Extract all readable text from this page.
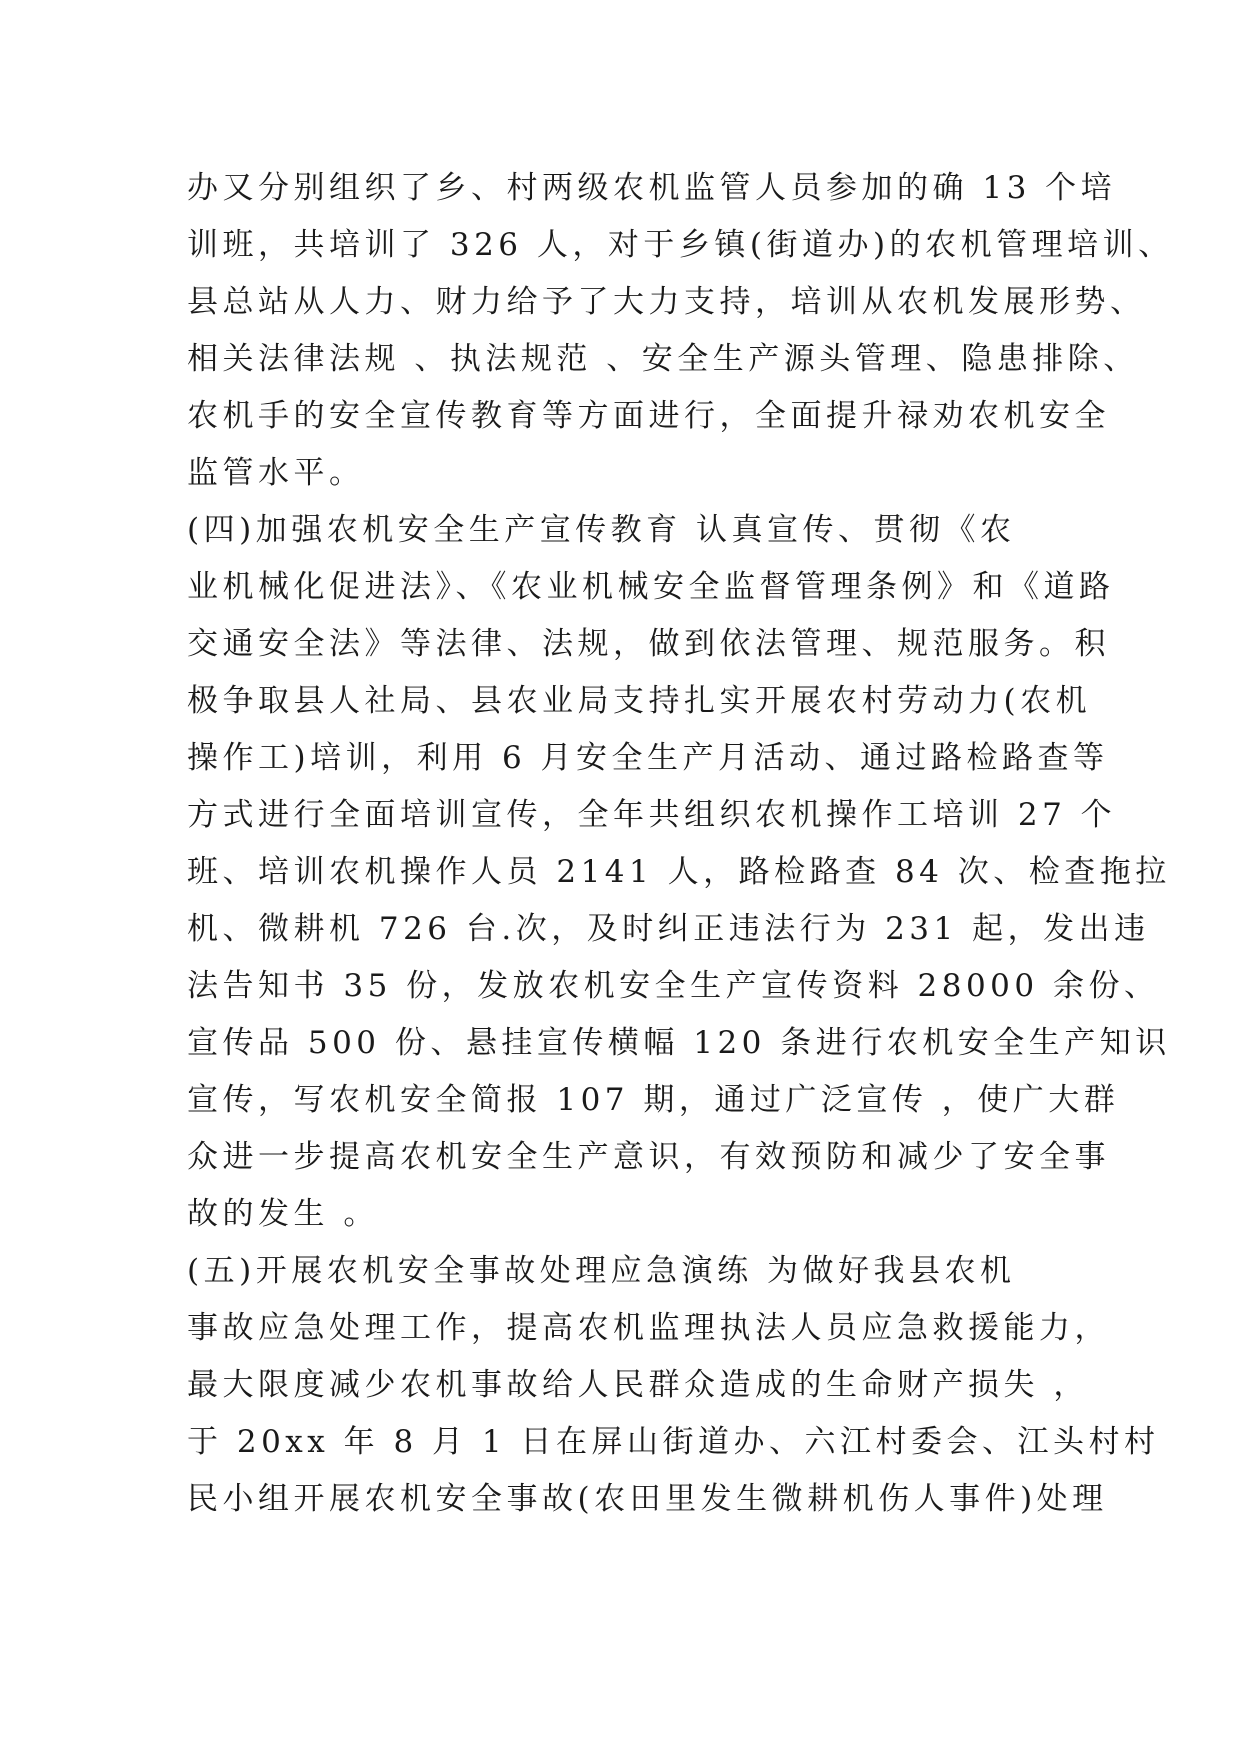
办又分别组织了乡、村两级农机监管人员参加的确 13 个培
训班，共培训了 326 人，对于乡镇(街道办)的农机管理培训、
县总站从人力、财力给予了大力支持，培训从农机发展形势、
相关法律法规 、执法规范 、安全生产源头管理、隐患排除、
农机手的安全宣传教育等方面进行，全面提升禄劝农机安全
监管水平。
(四)加强农机安全生产宣传教育 认真宣传、贯彻《农
业机械化促进法》、《农业机械安全监督管理条例》和《道路
交通安全法》等法律、法规，做到依法管理、规范服务。积
极争取县人社局、县农业局支持扎实开展农村劳动力(农机
操作工)培训，利用 6 月安全生产月活动、通过路检路查等
方式进行全面培训宣传，全年共组织农机操作工培训 27 个
班、培训农机操作人员 2141 人，路检路查 84 次、检查拖拉
机、微耕机 726 台.次，及时纠正违法行为 231 起，发出违
法告知书 35 份，发放农机安全生产宣传资料 28000 余份、
宣传品 500 份、悬挂宣传横幅 120 条进行农机安全生产知识
宣传，写农机安全简报 107 期，通过广泛宣传 ，使广大群
众进一步提高农机安全生产意识，有效预防和减少了安全事
故的发生 。
(五)开展农机安全事故处理应急演练 为做好我县农机
事故应急处理工作，提高农机监理执法人员应急救援能力，
最大限度减少农机事故给人民群众造成的生命财产损失 ，
于 20xx 年 8 月 1 日在屏山街道办、六江村委会、江头村村
民小组开展农机安全事故(农田里发生微耕机伤人事件)处理
